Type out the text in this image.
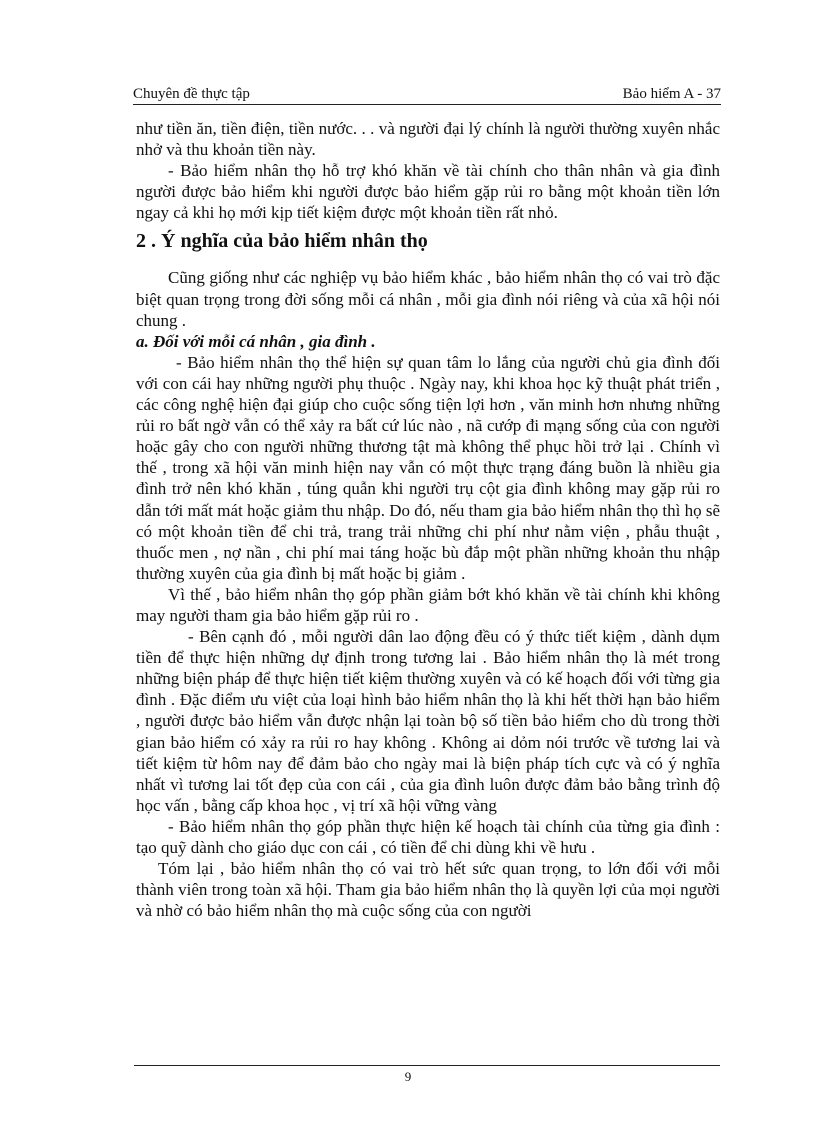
Chuyên đề thực tập	Bảo hiểm A - 37

như tiền ăn, tiền điện, tiền nước. . . và người đại lý chính là người thường xuyên nhắc nhở và thu khoản tiền này.

- Bảo hiểm nhân thọ hỗ trợ khó khăn về tài chính cho thân nhân và gia đình người được bảo hiểm khi người được bảo hiểm gặp rủi ro bằng một khoản tiền lớn ngay cả khi họ mới kịp tiết kiệm được một khoản tiền rất nhỏ.

2 . Ý nghĩa của bảo hiểm nhân thọ

Cũng giống như các nghiệp vụ bảo hiểm khác , bảo hiểm nhân thọ có vai trò đặc biệt quan trọng trong đời sống mỗi cá nhân , mỗi gia đình nói riêng và của xã hội nói chung .

a. Đối với mỗi cá nhân , gia đình .

- Bảo hiểm nhân thọ thể hiện sự quan tâm lo lắng của người chủ gia đình đối với con cái hay những người phụ thuộc . Ngày nay, khi khoa học kỹ thuật phát triển , các công nghệ hiện đại giúp cho cuộc sống tiện lợi hơn , văn minh hơn nhưng những rủi ro bất ngờ vẫn có thể xảy ra bất cứ lúc nào , nã cướp đi mạng sống của con người hoặc gây cho con người những thương tật mà không thể phục hồi trở lại . Chính vì thế , trong xã hội văn minh hiện nay vẫn có một thực trạng đáng buồn là nhiều gia đình trở nên khó khăn , túng quẫn khi người trụ cột gia đình không may gặp rủi ro dẫn tới mất mát hoặc giảm thu nhập. Do đó, nếu tham gia bảo hiểm nhân thọ thì họ sẽ có một khoản tiền để chi trả, trang trải những chi phí như nằm viện , phẫu thuật , thuốc men , nợ nần , chi phí mai táng hoặc bù đắp một phần những khoản thu nhập thường xuyên của gia đình bị mất hoặc bị giảm .

Vì thế , bảo hiểm nhân thọ góp phần giảm bớt khó khăn về tài chính khi không may người tham gia bảo hiểm gặp rủi ro .

- Bên cạnh đó , mỗi người dân lao động đều có ý thức tiết kiệm , dành dụm tiền để thực hiện những dự định trong tương lai . Bảo hiểm nhân thọ là mét trong những biện pháp để thực hiện tiết kiệm thường xuyên và có kế hoạch đối với từng gia đình . Đặc điểm ưu việt của loại hình bảo hiểm nhân thọ là khi hết thời hạn bảo hiểm , người được bảo hiểm vẫn được nhận lại toàn bộ số tiền bảo hiểm cho dù trong thời gian bảo hiểm có xảy ra rủi ro hay không . Không ai dỏm nói trước về tương lai và tiết kiệm từ hôm nay để đảm bảo cho ngày mai là biện pháp tích cực và có ý nghĩa nhất vì tương lai tốt đẹp của con cái , của gia đình luôn được đảm bảo bằng trình độ học vấn , bằng cấp khoa học , vị trí xã hội vững vàng

- Bảo hiểm nhân thọ góp phần thực hiện kế hoạch tài chính của từng gia đình : tạo quỹ dành cho giáo dục con cái , có tiền để chi dùng khi về hưu .

Tóm lại , bảo hiểm nhân thọ có vai trò hết sức quan trọng, to lớn đối với mỗi thành viên trong toàn xã hội. Tham gia bảo hiểm nhân thọ là quyền lợi của mọi người và nhờ có bảo hiểm nhân thọ mà cuộc sống của con người

9
